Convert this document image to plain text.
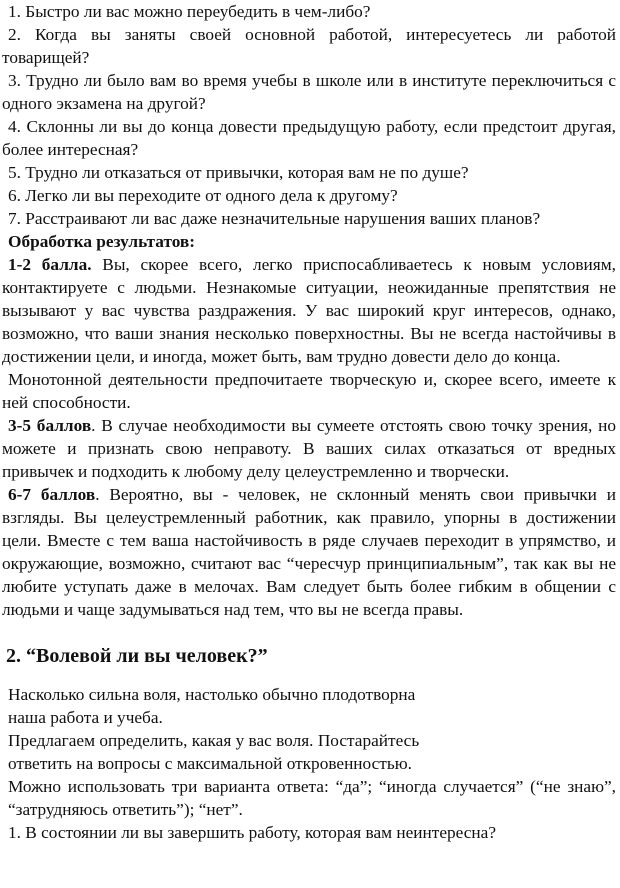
1. Быстро ли вас можно переубедить в чем-либо?

2. Когда вы заняты своей основной работой, интересуетесь ли работой товарищей?

3. Трудно ли было вам во время учебы в школе или в институте переключиться с одного экзамена на другой?

4. Склонны ли вы до конца довести предыдущую работу, если предстоит другая, более интересная?

5. Трудно ли отказаться от привычки, которая вам не по душе?

6. Легко ли вы переходите от одного дела к другому?

7. Расстраивают ли вас даже незначительные нарушения ваших планов?

Обработка результатов:

1-2 балла. Вы, скорее всего, легко приспосабливаетесь к новым условиям, контактируете с людьми. Незнакомые ситуации, неожиданные препятствия не вызывают у вас чувства раздражения. У вас широкий круг интересов, однако, возможно, что ваши знания несколько поверхностны. Вы не всегда настойчивы в достижении цели, и иногда, может быть, вам трудно довести дело до конца.

Монотонной деятельности предпочитаете творческую и, скорее всего, имеете к ней способности.

3-5 баллов. В случае необходимости вы сумеете отстоять свою точку зрения, но можете и признать свою неправоту. В ваших силах отказаться от вредных привычек и подходить к любому делу целеустремленно и творчески.

6-7 баллов. Вероятно, вы - человек, не склонный менять свои привычки и взгляды. Вы целеустремленный работник, как правило, упорны в достижении цели. Вместе с тем ваша настойчивость в ряде случаев переходит в упрямство, и окружающие, возможно, считают вас “чересчур принципиальным”, так как вы не любите уступать даже в мелочах. Вам следует быть более гибким в общении с людьми и чаще задумываться над тем, что вы не всегда правы.

2. “Волевой ли вы человек?”

Насколько сильна воля, настолько обычно плодотворна

наша работа и учеба.

Предлагаем определить, какая у вас воля. Постарайтесь

ответить на вопросы с максимальной откровенностью.

Можно использовать три варианта ответа: “да”; “иногда случается” (“не знаю”, “затрудняюсь ответить”); “нет”.

1. В состоянии ли вы завершить работу, которая вам неинтересна?
